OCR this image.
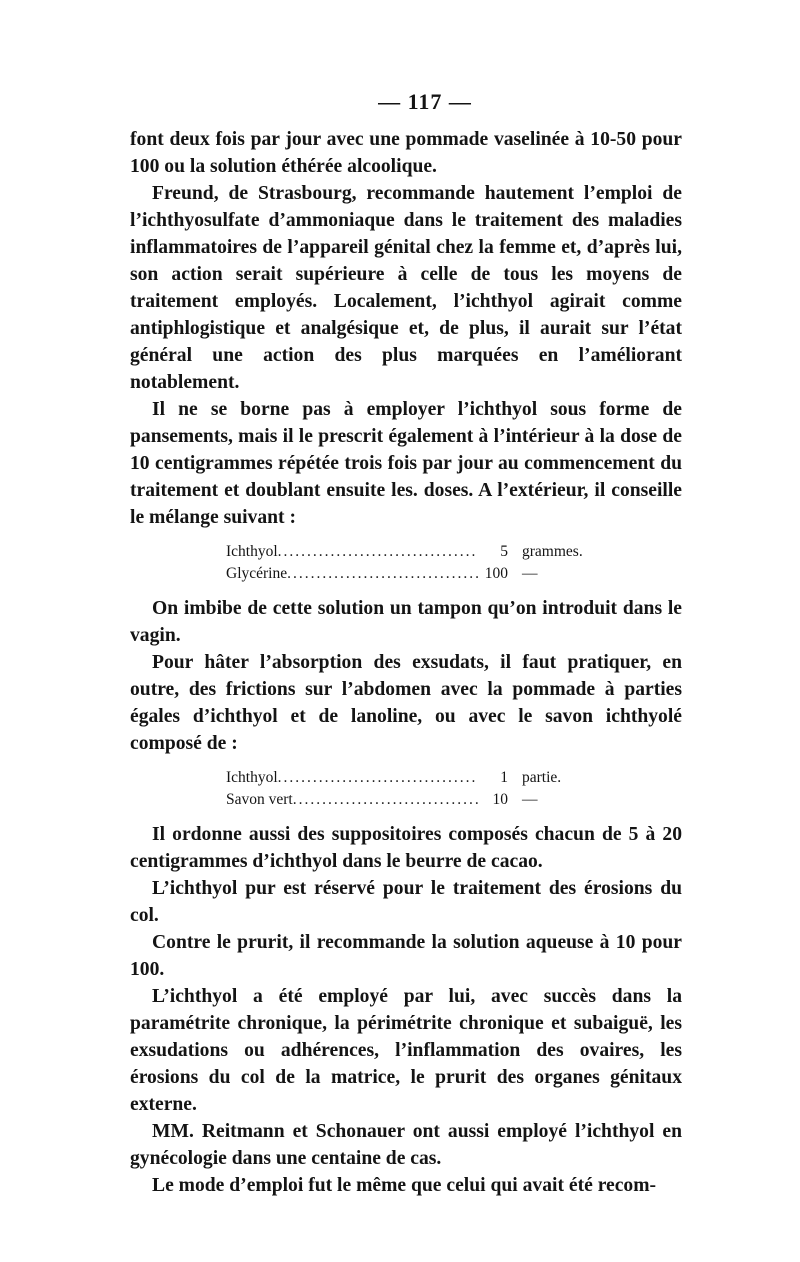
— 117 —

font deux fois par jour avec une pommade vaselinée à 10-50 pour 100 ou la solution éthérée alcoolique.

Freund, de Strasbourg, recommande hautement l’emploi de l’ichthyosulfate d’ammoniaque dans le traitement des maladies inflammatoires de l’appareil génital chez la femme et, d’après lui, son action serait supérieure à celle de tous les moyens de traitement employés. Localement, l’ichthyol agirait comme antiphlogistique et analgésique et, de plus, il aurait sur l’état général une action des plus marquées en l’améliorant notablement.

Il ne se borne pas à employer l’ichthyol sous forme de pansements, mais il le prescrit également à l’intérieur à la dose de 10 centigrammes répétée trois fois par jour au commencement du traitement et doublant ensuite les. doses. A l’extérieur, il conseille le mélange suivant :

Ichthyol .....	5 grammes.
Glycérine .....	100 —

On imbibe de cette solution un tampon qu’on introduit dans le vagin.

Pour hâter l’absorption des exsudats, il faut pratiquer, en outre, des frictions sur l’abdomen avec la pommade à parties égales d’ichthyol et de lanoline, ou avec le savon ichthyolé composé de :

Ichthyol .....	1 partie.
Savon vert .....	10 —

Il ordonne aussi des suppositoires composés chacun de 5 à 20 centigrammes d’ichthyol dans le beurre de cacao.

L’ichthyol pur est réservé pour le traitement des érosions du col.

Contre le prurit, il recommande la solution aqueuse à 10 pour 100.

L’ichthyol a été employé par lui, avec succès dans la paramétrite chronique, la périmétrite chronique et subaiguë, les exsudations ou adhérences, l’inflammation des ovaires, les érosions du col de la matrice, le prurit des organes génitaux externe.

MM. Reitmann et Schonauer ont aussi employé l’ichthyol en gynécologie dans une centaine de cas.

Le mode d’emploi fut le même que celui qui avait été recom-
